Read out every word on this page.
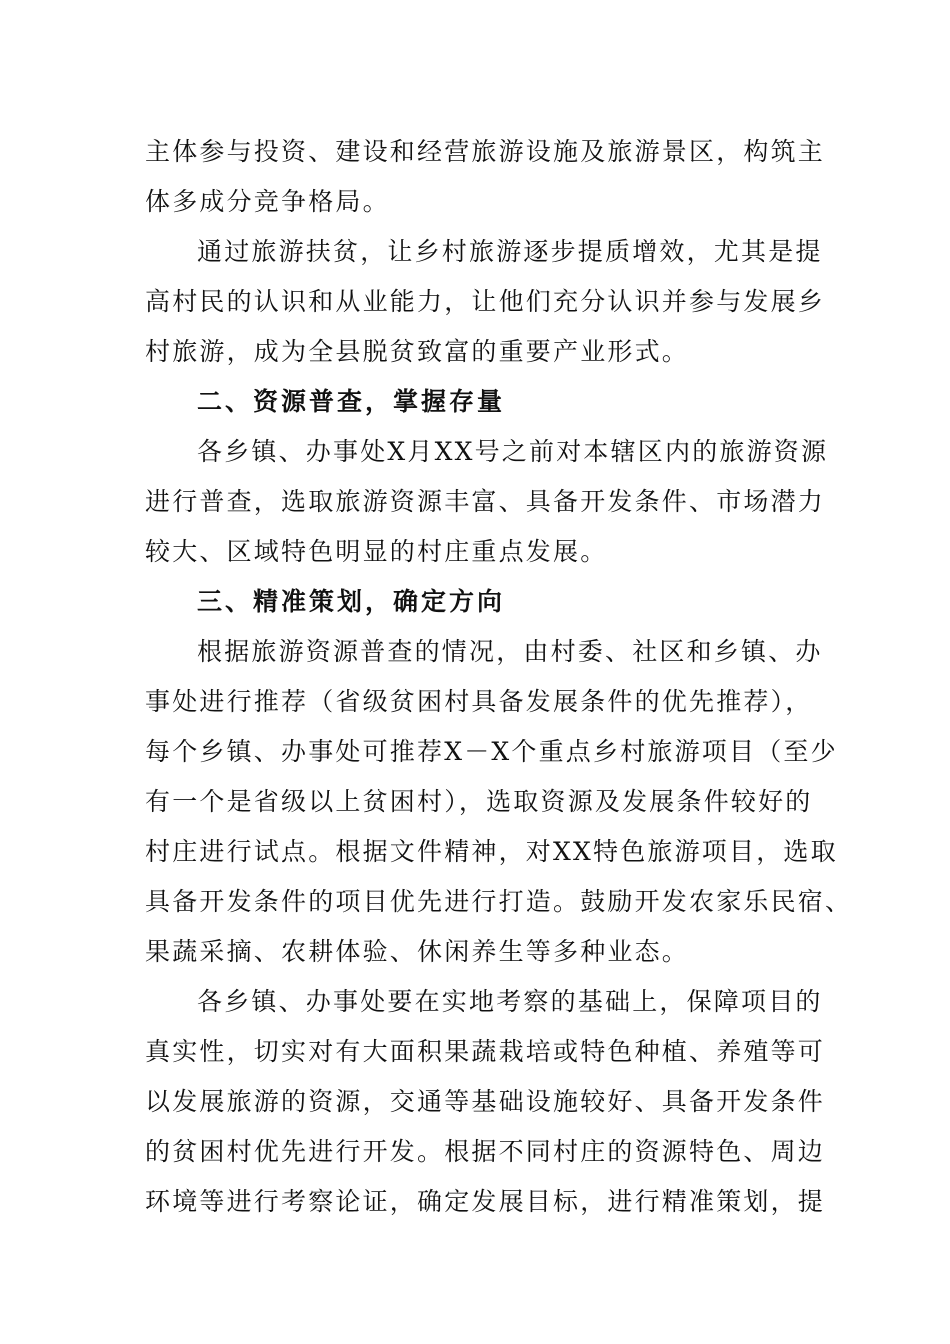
主体参与投资、建设和经营旅游设施及旅游景区，构筑主
体多成分竞争格局。
通过旅游扶贫，让乡村旅游逐步提质增效，尤其是提
高村民的认识和从业能力，让他们充分认识并参与发展乡
村旅游，成为全县脱贫致富的重要产业形式。
二、资源普查，掌握存量
各乡镇、办事处X月XX号之前对本辖区内的旅游资源
进行普查，选取旅游资源丰富、具备开发条件、市场潜力
较大、区域特色明显的村庄重点发展。
三、精准策划，确定方向
根据旅游资源普查的情况，由村委、社区和乡镇、办
事处进行推荐（省级贫困村具备发展条件的优先推荐），
每个乡镇、办事处可推荐X－X个重点乡村旅游项目（至少
有一个是省级以上贫困村），选取资源及发展条件较好的
村庄进行试点。根据文件精神，对XX特色旅游项目，选取
具备开发条件的项目优先进行打造。鼓励开发农家乐民宿、
果蔬采摘、农耕体验、休闲养生等多种业态。
各乡镇、办事处要在实地考察的基础上，保障项目的
真实性，切实对有大面积果蔬栽培或特色种植、养殖等可
以发展旅游的资源，交通等基础设施较好、具备开发条件
的贫困村优先进行开发。根据不同村庄的资源特色、周边
环境等进行考察论证，确定发展目标，进行精准策划，提
